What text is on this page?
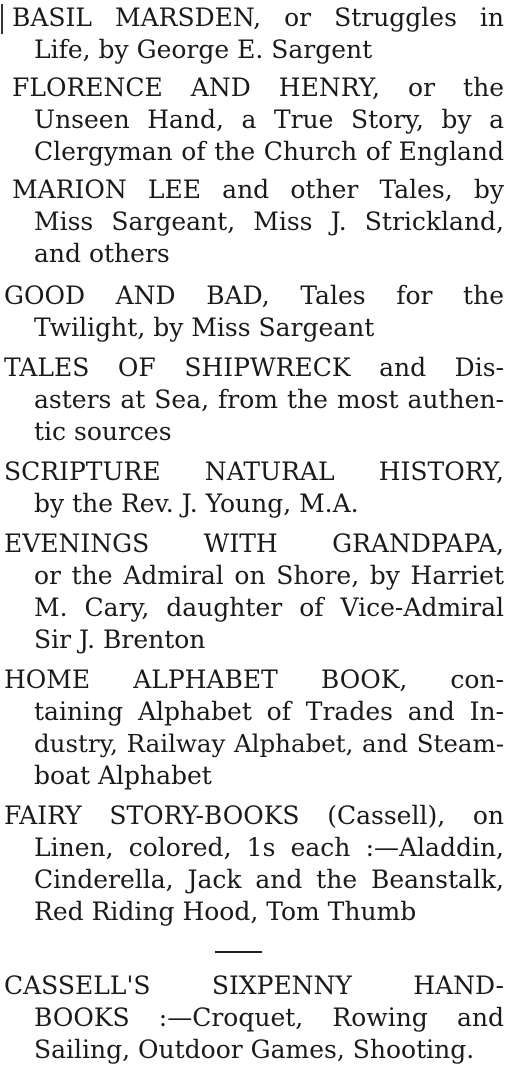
BASIL MARSDEN, or Struggles in
Life, by George E. Sargent
FLORENCE AND HENRY, or the
Unseen Hand, a True Story, by a
Clergyman of the Church of England
MARION LEE and other Tales, by
Miss Sargeant, Miss J. Strickland,
and others
GOOD AND BAD, Tales for the
Twilight, by Miss Sargeant
TALES OF SHIPWRECK and Dis-
asters at Sea, from the most authen-
tic sources
SCRIPTURE NATURAL HISTORY,
by the Rev. J. Young, M.A.
EVENINGS WITH GRANDPAPA,
or the Admiral on Shore, by Harriet
M. Cary, daughter of Vice-Admiral
Sir J. Brenton
HOME ALPHABET BOOK, con-
taining Alphabet of Trades and In-
dustry, Railway Alphabet, and Steam-
boat Alphabet
FAIRY STORY-BOOKS (Cassell), on
Linen, colored, 1s each :—Aladdin,
Cinderella, Jack and the Beanstalk,
Red Riding Hood, Tom Thumb
CASSELL'S SIXPENNY HAND-
BOOKS :—Croquet, Rowing and
Sailing, Outdoor Games, Shooting.
